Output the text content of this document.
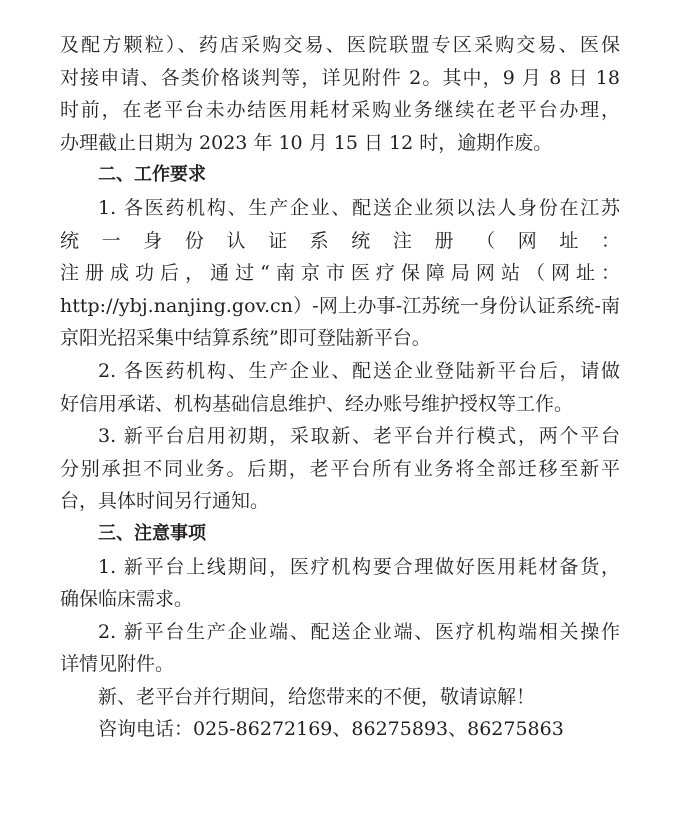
及配方颗粒）、药店采购交易、医院联盟专区采购交易、医保
对接申请、各类价格谈判等，详见附件 2。其中，9 月 8 日 18
时前，在老平台未办结医用耗材采购业务继续在老平台办理，
办理截止日期为 2023 年 10 月 15 日 12 时，逾期作废。
二、工作要求
1. 各医药机构、生产企业、配送企业须以法人身份在江苏
统一身份认证系统注册（网址：
注册成功后，通过“南京市医疗保障局网站（网址：
http://ybj.nanjing.gov.cn）-网上办事-江苏统一身份认证系统-南
京阳光招采集中结算系统”即可登陆新平台。
2. 各医药机构、生产企业、配送企业登陆新平台后，请做
好信用承诺、机构基础信息维护、经办账号维护授权等工作。
3. 新平台启用初期，采取新、老平台并行模式，两个平台
分别承担不同业务。后期，老平台所有业务将全部迁移至新平
台，具体时间另行通知。
三、注意事项
1. 新平台上线期间，医疗机构要合理做好医用耗材备货，
确保临床需求。
2. 新平台生产企业端、配送企业端、医疗机构端相关操作
详情见附件。
新、老平台并行期间，给您带来的不便，敬请谅解！
咨询电话：025-86272169、86275893、86275863
